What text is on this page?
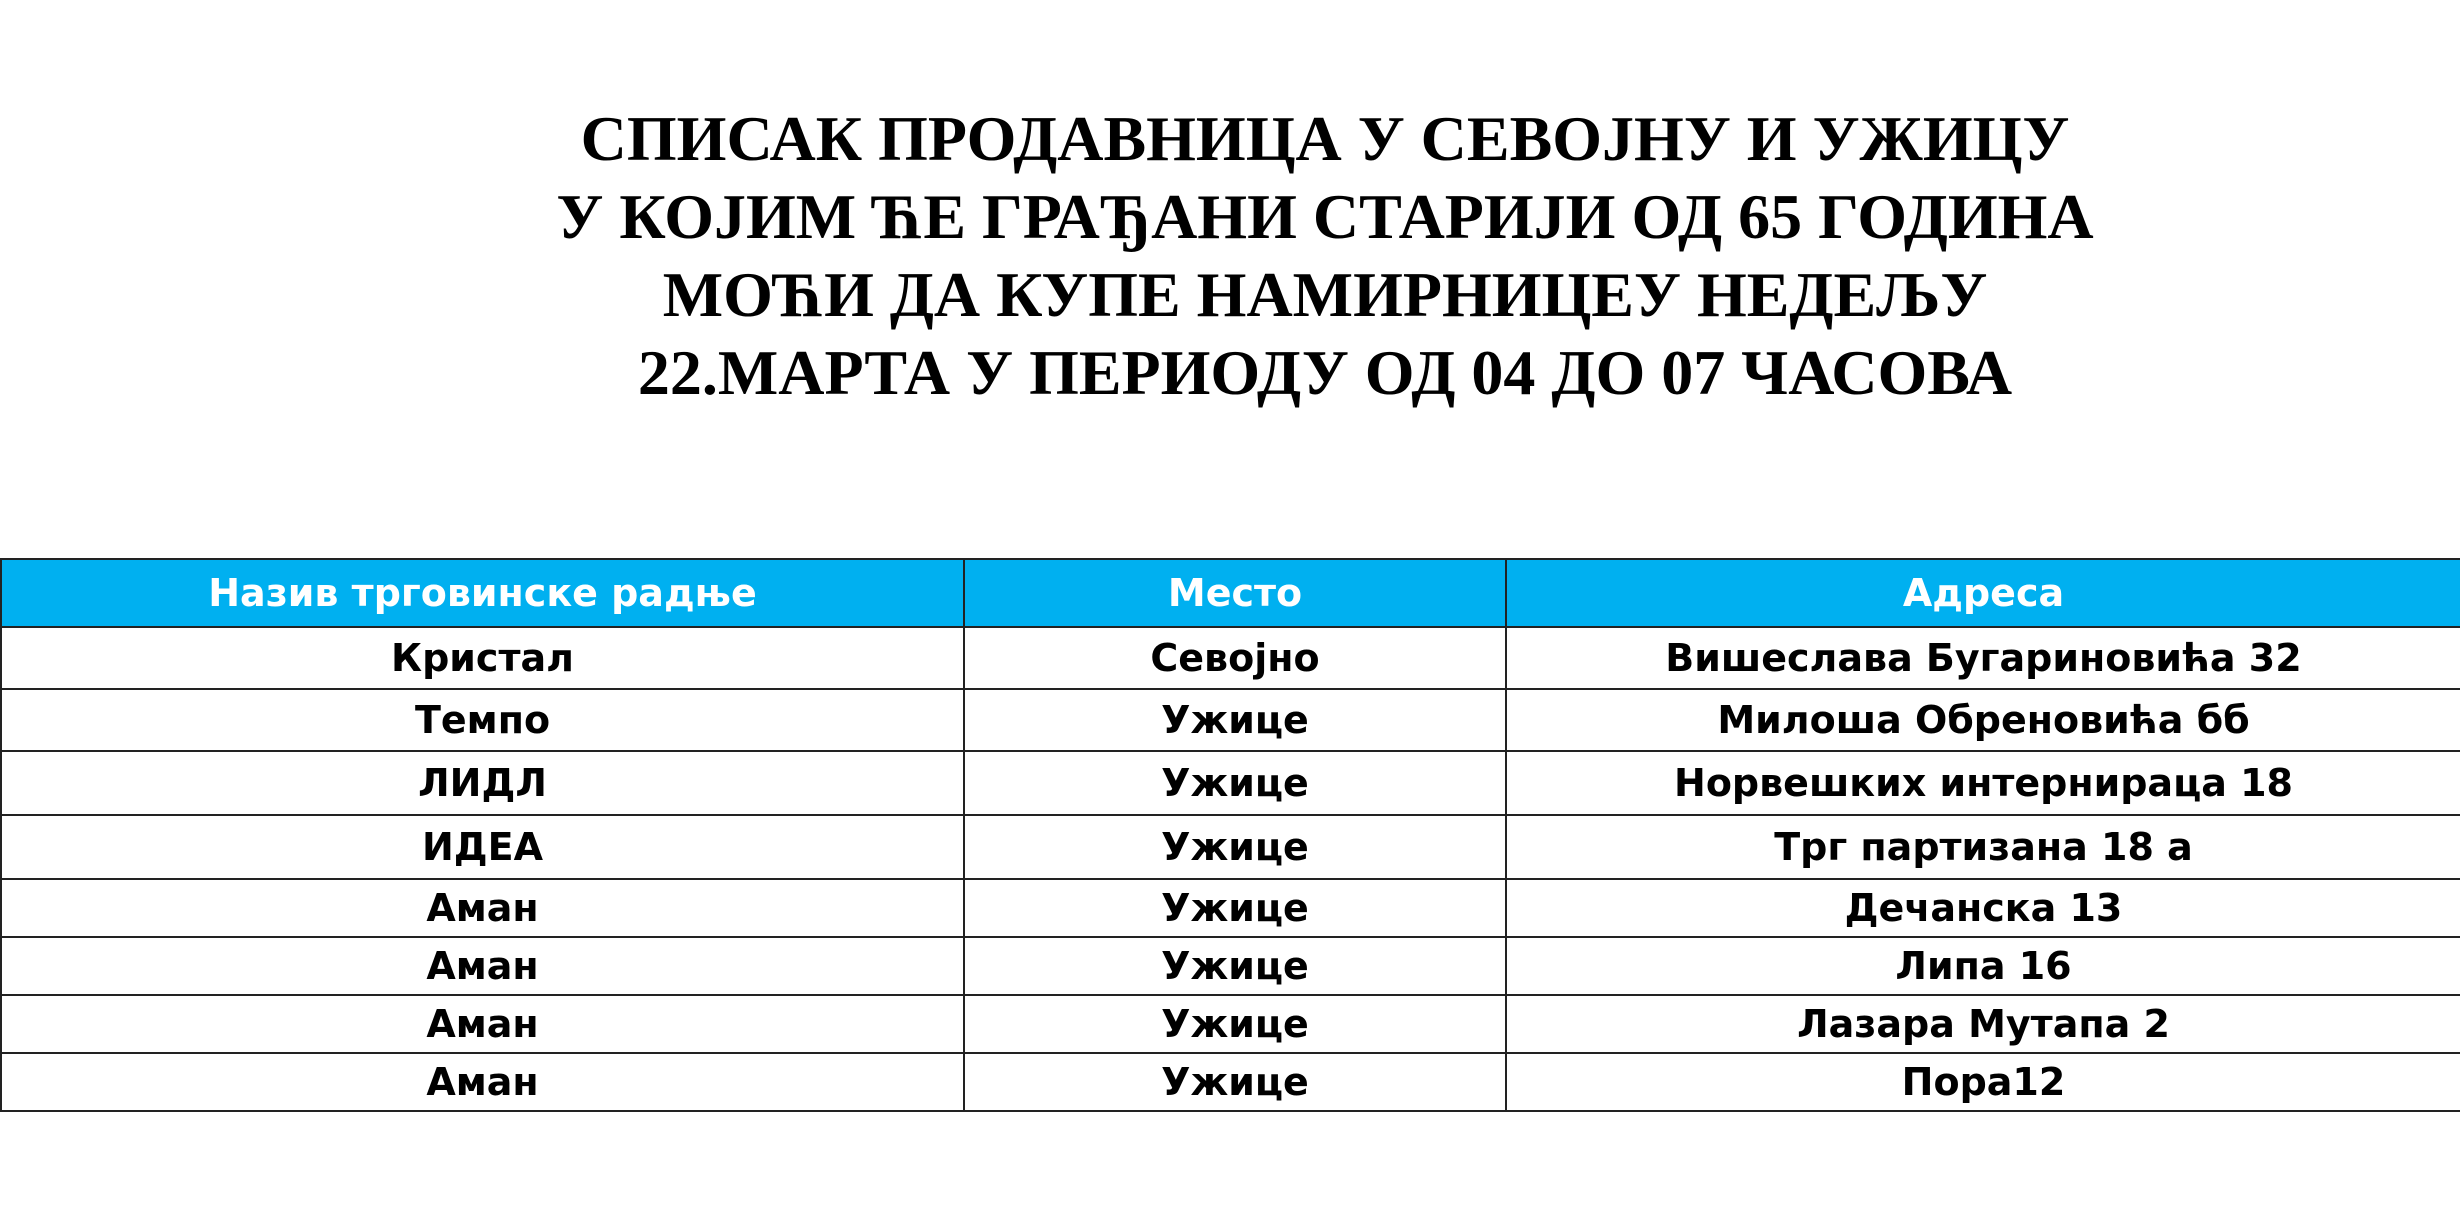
СПИСАК ПРОДАВНИЦА У СЕВОЈНУ И УЖИЦУ
У КОЈИМ ЋЕ ГРАЂАНИ СТАРИЈИ ОД 65 ГОДИНА
МОЋИ ДА КУПЕ НАМИРНИЦЕУ НЕДЕЉУ
22.МАРТА У ПЕРИОДУ ОД 04 ДО 07 ЧАСОВА
Назив трговинске радње	Место	Адреса
Кристал	Севојно	Вишеслава Бугариновића 32
Темпо	Ужице	Милоша Обреновића бб
ЛИДЛ	Ужице	Норвешких интернираца 18
ИДЕА	Ужице	Трг партизана 18 а
Аман	Ужице	Дечанска 13
Аман	Ужице	Липа 16
Аман	Ужице	Лазара Мутапа 2
Аман	Ужице	Пора12
